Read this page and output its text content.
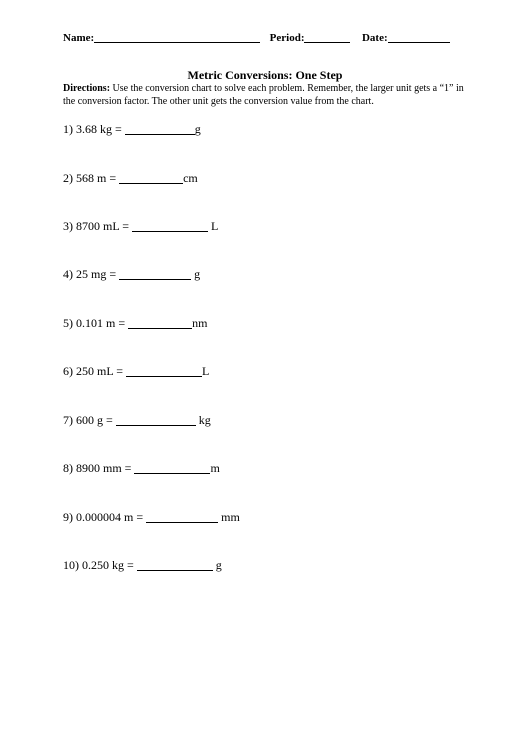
Name:	Period:	Date:
Metric Conversions: One Step
Directions: Use the conversion chart to solve each problem. Remember, the larger unit gets a “1” in the conversion factor. The other unit gets the conversion value from the chart.
1) 3.68 kg =	g
2) 568 m =	cm
3) 8700 mL =	L
4) 25 mg =	g
5) 0.101 m =	nm
6) 250 mL =	L
7) 600 g =	kg
8) 8900 mm =	m
9) 0.000004 m =	mm
10) 0.250 kg =	g
